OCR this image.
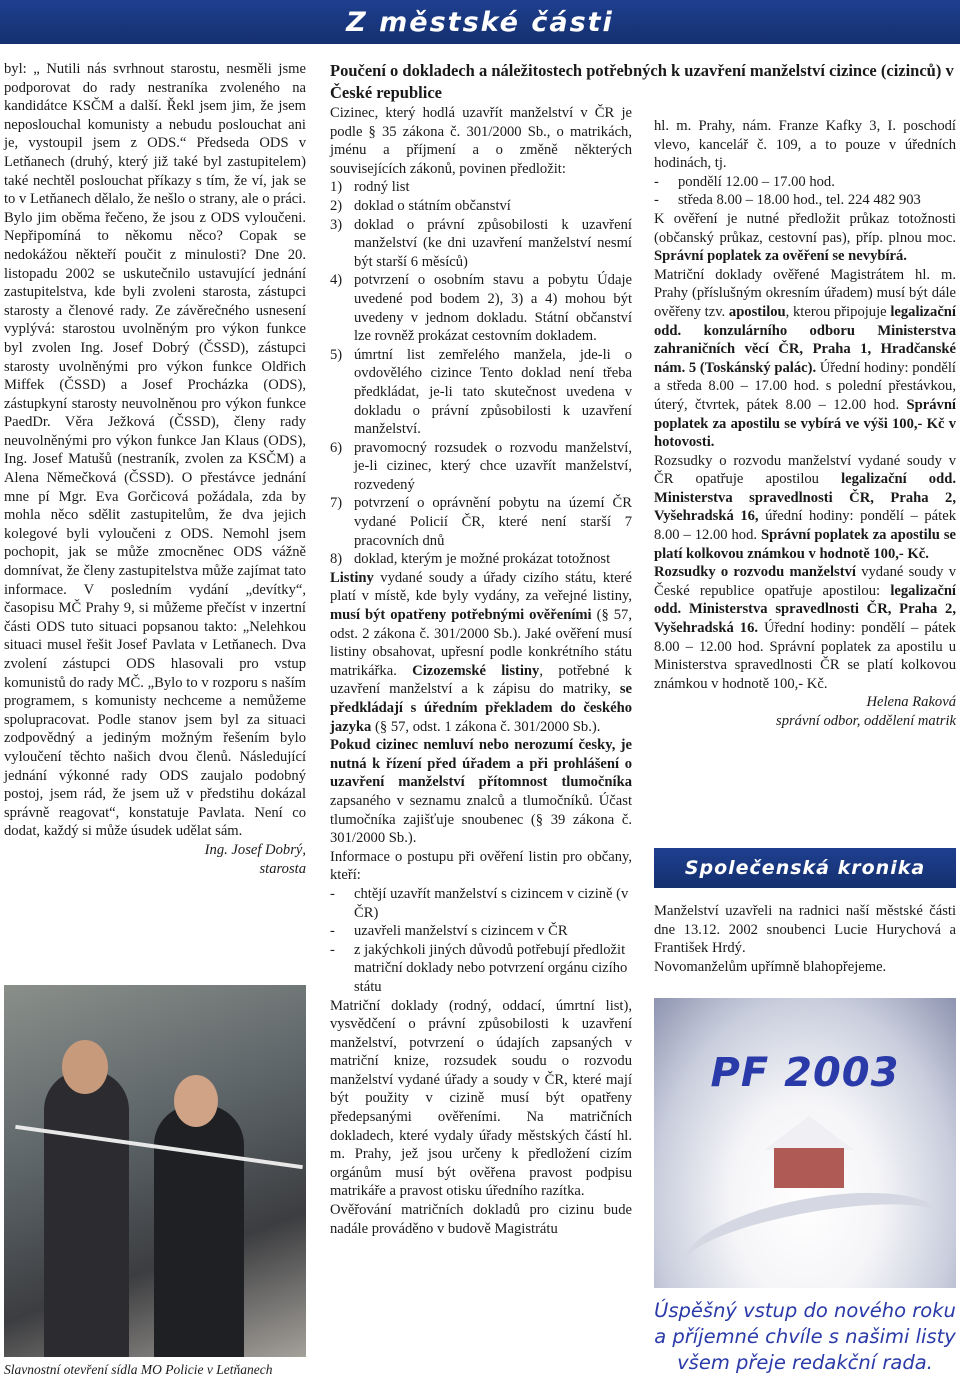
Z městské části

byl: „ Nutili nás svrhnout starostu, nesměli jsme podporovat do rady nestraníka zvoleného na kandidátce KSČM a další. Řekl jsem jim, že jsem neposlouchal komunisty a nebudu poslouchat ani je, vystoupil jsem z ODS.“ Předseda ODS v Letňanech (druhý, který již také byl zastupitelem) také nechtěl poslouchat příkazy s tím, že ví, jak se to v Letňanech dělalo, že nešlo o strany, ale o práci. Bylo jim oběma řečeno, že jsou z ODS vyloučeni. Nepřipomíná to někomu něco? Copak se nedokážou někteří poučit z minulosti? Dne 20. listopadu 2002 se uskutečnilo ustavující jednání zastupitelstva, kde byli zvoleni starosta, zástupci starosty a členové rady. Ze závěrečného usnesení vyplývá: starostou uvolněným pro výkon funkce byl zvolen Ing. Josef Dobrý (ČSSD), zástupci starosty uvolněnými pro výkon funkce Oldřich Miffek (ČSSD) a Josef Procházka (ODS), zástupkyní starosty neuvolněnou pro výkon funkce PaedDr. Věra Ježková (ČSSD), členy rady neuvolněnými pro výkon funkce Jan Klaus (ODS), Ing. Josef Matušů (nestraník, zvolen za KSČM) a Alena Němečková (ČSSD). O přestávce jednání mne pí Mgr. Eva Gorčicová požádala, zda by mohla něco sdělit zastupitelům, že dva jejich kolegové byli vyloučeni z ODS. Nemohl jsem pochopit, jak se může zmocněnec ODS vážně domnívat, že členy zastupitelstva může zajímat tato informace. V posledním vydání „devítky“, časopisu MČ Prahy 9, si můžeme přečíst v inzertní části ODS tuto situaci popsanou takto: „Nelehkou situaci musel řešit Josef Pavlata v Letňanech. Dva zvolení zástupci ODS hlasovali pro vstup komunistů do rady MČ. „Bylo to v rozporu s naším programem, s komunisty nechceme a nemůžeme spolupracovat. Podle stanov jsem byl za situaci zodpovědný a jediným možným řešením bylo vyloučení těchto našich dvou členů. Následující jednání výkonné rady ODS zaujalo podobný postoj, jsem rád, že jsem už v předstihu dokázal správně reagovat“, konstatuje Pavlata. Není co dodat, každý si může úsudek udělat sám.

Ing. Josef Dobrý,

starosta

Slavnostní otevření sídla MO Policie v Letňanech
Poučení o dokladech a náležitostech potřebných k uzavření manželství cizince (cizinců) v České republice

Cizinec, který hodlá uzavřít manželství v ČR je podle § 35 zákona č. 301/2000 Sb., o matrikách, jménu a příjmení a o změně některých souvisejících zákonů, povinen předložit:

1) rodný list
2) doklad o státním občanství
3) doklad o právní způsobilosti k uzavření manželství (ke dni uzavření manželství nesmí být starší 6 měsíců)
4) potvrzení o osobním stavu a pobytu Údaje uvedené pod bodem 2), 3) a 4) mohou být uvedeny v jednom dokladu. Státní občanství lze rovněž prokázat cestovním dokladem.
5) úmrtní list zemřelého manžela, jde-li o ovdovělého cizince Tento doklad není třeba předkládat, je-li tato skutečnost uvedena v dokladu o právní způsobilosti k uzavření manželství.
6) pravomocný rozsudek o rozvodu manželství, je-li cizinec, který chce uzavřít manželství, rozvedený
7) potvrzení o oprávnění pobytu na území ČR vydané Policií ČR, které není starší 7 pracovních dnů
8) doklad, kterým je možné prokázat totožnost

Listiny vydané soudy a úřady cizího státu, které platí v místě, kde byly vydány, za veřejné listiny, musí být opatřeny potřebnými ověřeními (§ 57, odst. 2 zákona č. 301/2000 Sb.). Jaké ověření musí listiny obsahovat, upřesní podle konkrétního státu matrikářka. Cizozemské listiny, potřebné k uzavření manželství a k zápisu do matriky, se předkládají s úředním překladem do českého jazyka (§ 57, odst. 1 zákona č. 301/2000 Sb.).

Pokud cizinec nemluví nebo nerozumí česky, je nutná k řízení před úřadem a při prohlášení o uzavření manželství přítomnost tlumočníka zapsaného v seznamu znalců a tlumočníků. Účast tlumočníka zajišťuje snoubenec (§ 39 zákona č. 301/2000 Sb.).

Informace o postupu při ověření listin pro občany, kteří:

-	chtějí uzavřít manželství s cizincem v cizině (v ČR)
-	uzavřeli manželství s cizincem v ČR
-	z jakýchkoli jiných důvodů potřebují předložit matriční doklady nebo potvrzení orgánu cizího státu

Matriční doklady (rodný, oddací, úmrtní list), vysvědčení o právní způsobilosti k uzavření manželství, potvrzení o údajích zapsaných v matriční knize, rozsudek soudu o rozvodu manželství vydané úřady a soudy v ČR, které mají být použity v cizině musí být opatřeny předepsanými ověřeními. Na matričních dokladech, které vydaly úřady městských částí hl. m. Prahy, jež jsou určeny k předložení cizím orgánům musí být ověřena pravost podpisu matrikáře a pravost otisku úředního razítka.

Ověřování matričních dokladů pro cizinu bude nadále prováděno v budově Magistrátu

hl. m. Prahy, nám. Franze Kafky 3, I. poschodí vlevo, kancelář č. 109, a to pouze v úředních hodinách, tj.

-	pondělí 12.00 – 17.00 hod.
-	středa 8.00 – 18.00 hod., tel. 224 482 903

K ověření je nutné předložit průkaz totožnosti (občanský průkaz, cestovní pas), příp. plnou moc. Správní poplatek za ověření se nevybírá.

Matriční doklady ověřené Magistrátem hl. m. Prahy (příslušným okresním úřadem) musí být dále ověřeny tzv. apostilou, kterou připojuje legalizační odd. konzulárního odboru Ministerstva zahraničních věcí ČR, Praha 1, Hradčanské nám. 5 (Toskánský palác). Úřední hodiny: pondělí a středa 8.00 – 17.00 hod. s polední přestávkou, úterý, čtvrtek, pátek 8.00 – 12.00 hod. Správní poplatek za apostilu se vybírá ve výši 100,- Kč v hotovosti.

Rozsudky o rozvodu manželství vydané soudy v ČR opatřuje apostilou legalizační odd. Ministerstva spravedlnosti ČR, Praha 2, Vyšehradská 16, úřední hodiny: pondělí – pátek 8.00 – 12.00 hod. Správní poplatek za apostilu se platí kolkovou známkou v hodnotě 100,- Kč.

Rozsudky o rozvodu manželství vydané soudy v České republice opatřuje apostilou: legalizační odd. Ministerstva spravedlnosti ČR, Praha 2, Vyšehradská 16. Úřední hodiny: pondělí – pátek 8.00 – 12.00 hod. Správní poplatek za apostilu u Ministerstva spravedlnosti ČR se platí kolkovou známkou v hodnotě 100,- Kč.

Helena Raková

správní odbor, oddělení matrik

Společenská kronika
Manželství uzavřeli na radnici naší městské části dne 13.12. 2002 snoubenci Lucie Hurychová a František Hrdý.
Novomanželům upřímně blahopřejeme.
PF 2003
Úspěšný vstup do nového roku
a příjemné chvíle s našimi listy
všem přeje redakční rada.
